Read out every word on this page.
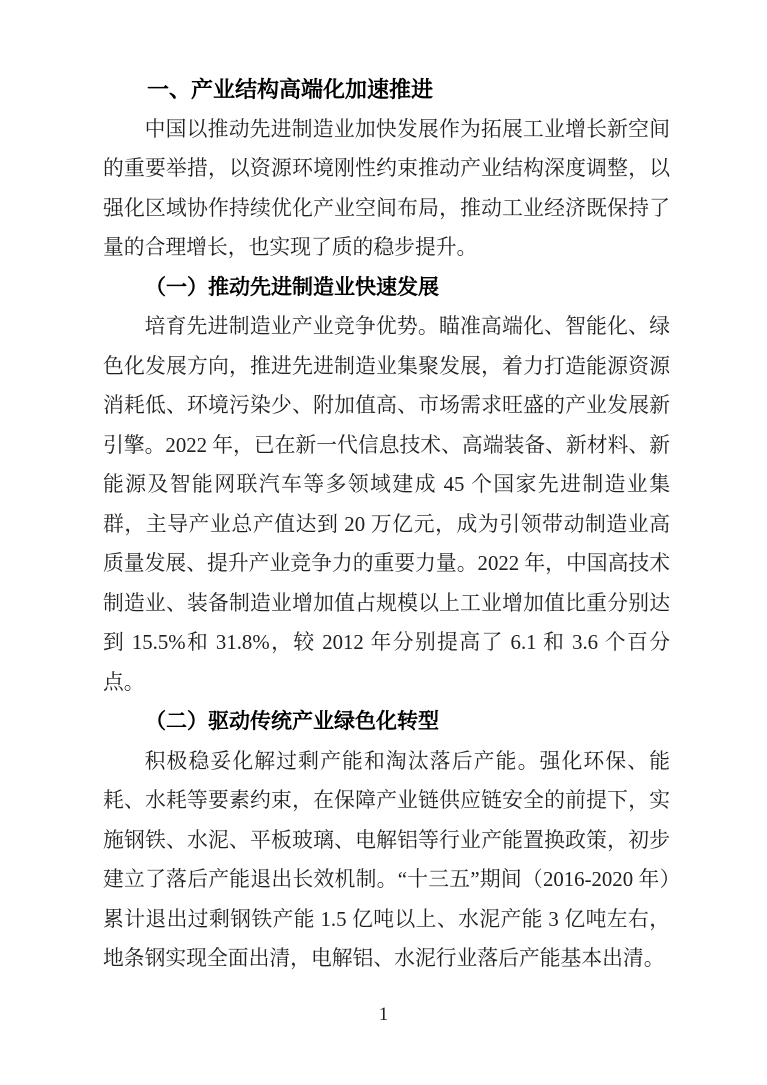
一、产业结构高端化加速推进

中国以推动先进制造业加快发展作为拓展工业增长新空间的重要举措，以资源环境刚性约束推动产业结构深度调整，以强化区域协作持续优化产业空间布局，推动工业经济既保持了量的合理增长，也实现了质的稳步提升。

（一）推动先进制造业快速发展

培育先进制造业产业竞争优势。瞄准高端化、智能化、绿色化发展方向，推进先进制造业集聚发展，着力打造能源资源消耗低、环境污染少、附加值高、市场需求旺盛的产业发展新引擎。2022 年，已在新一代信息技术、高端装备、新材料、新能源及智能网联汽车等多领域建成 45 个国家先进制造业集群，主导产业总产值达到 20 万亿元，成为引领带动制造业高质量发展、提升产业竞争力的重要力量。2022 年，中国高技术制造业、装备制造业增加值占规模以上工业增加值比重分别达到 15.5%和 31.8%，较 2012 年分别提高了 6.1 和 3.6 个百分点。

（二）驱动传统产业绿色化转型

积极稳妥化解过剩产能和淘汰落后产能。强化环保、能耗、水耗等要素约束，在保障产业链供应链安全的前提下，实施钢铁、水泥、平板玻璃、电解铝等行业产能置换政策，初步建立了落后产能退出长效机制。“十三五”期间（2016-2020 年）累计退出过剩钢铁产能 1.5 亿吨以上、水泥产能 3 亿吨左右，地条钢实现全面出清，电解铝、水泥行业落后产能基本出清。

1
